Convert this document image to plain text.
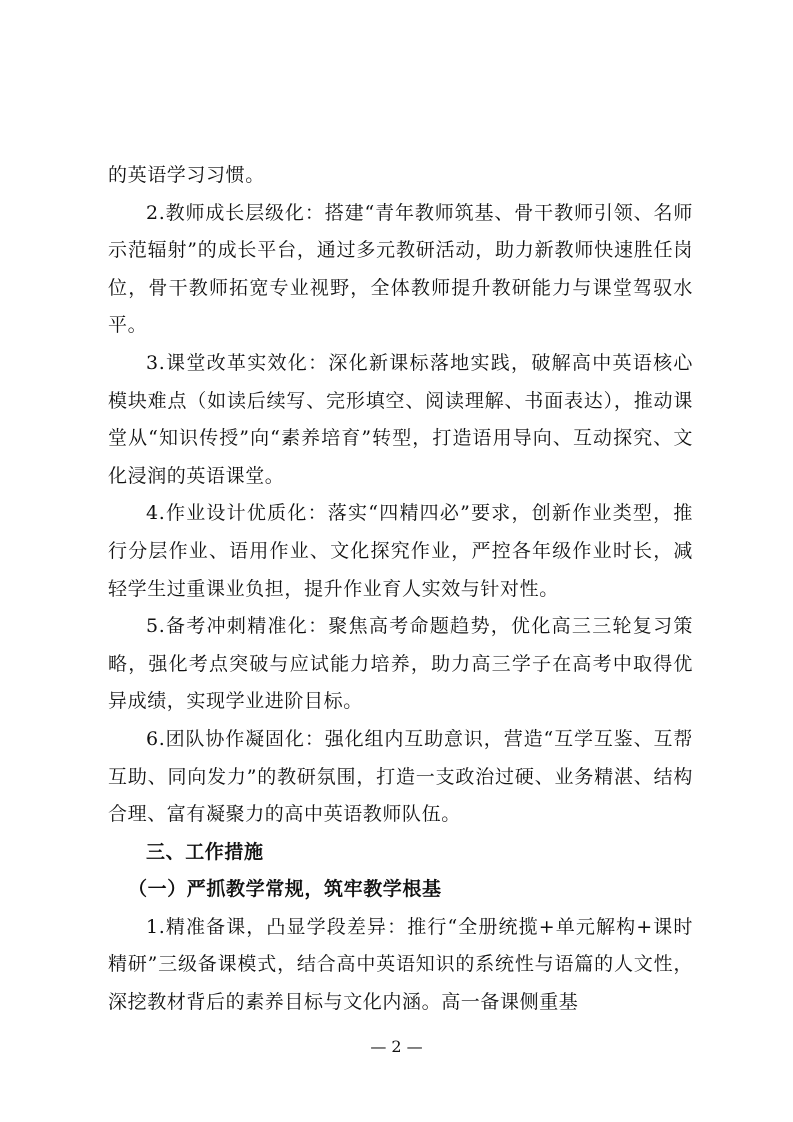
的英语学习习惯。

2.教师成长层级化：搭建“青年教师筑基、骨干教师引领、名师示范辐射”的成长平台，通过多元教研活动，助力新教师快速胜任岗位，骨干教师拓宽专业视野，全体教师提升教研能力与课堂驾驭水平。

3.课堂改革实效化：深化新课标落地实践，破解高中英语核心模块难点（如读后续写、完形填空、阅读理解、书面表达），推动课堂从“知识传授”向“素养培育”转型，打造语用导向、互动探究、文化浸润的英语课堂。

4.作业设计优质化：落实“四精四必”要求，创新作业类型，推行分层作业、语用作业、文化探究作业，严控各年级作业时长，减轻学生过重课业负担，提升作业育人实效与针对性。

5.备考冲刺精准化：聚焦高考命题趋势，优化高三三轮复习策略，强化考点突破与应试能力培养，助力高三学子在高考中取得优异成绩，实现学业进阶目标。

6.团队协作凝固化：强化组内互助意识，营造“互学互鉴、互帮互助、同向发力”的教研氛围，打造一支政治过硬、业务精湛、结构合理、富有凝聚力的高中英语教师队伍。

三、工作措施

（一）严抓教学常规，筑牢教学根基

1.精准备课，凸显学段差异：推行“全册统揽+单元解构+课时精研”三级备课模式，结合高中英语知识的系统性与语篇的人文性，深挖教材背后的素养目标与文化内涵。高一备课侧重基

— 2 —
